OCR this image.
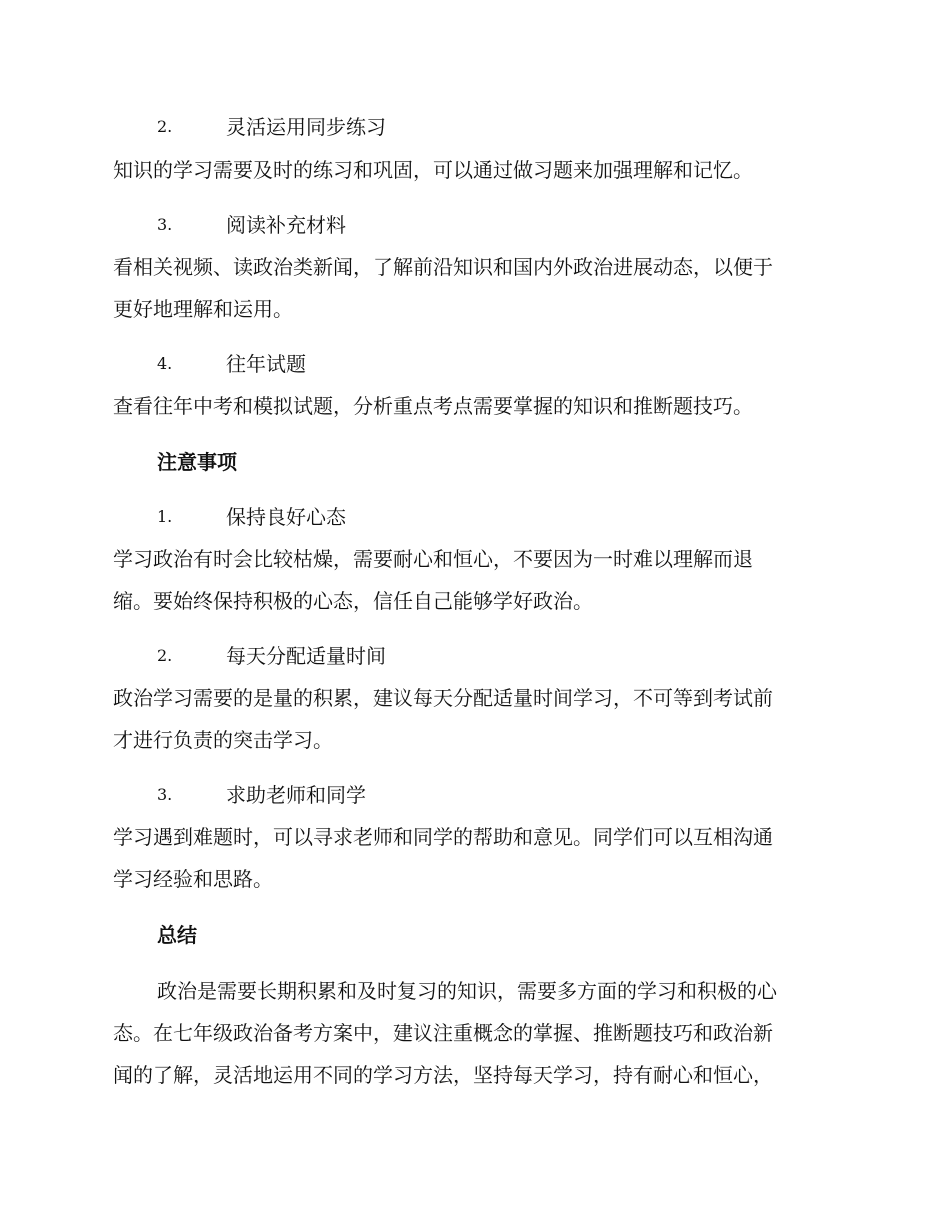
2.	灵活运用同步练习
知识的学习需要及时的练习和巩固，可以通过做习题来加强理解和记忆。
3.	阅读补充材料
看相关视频、读政治类新闻，了解前沿知识和国内外政治进展动态，以便于
更好地理解和运用。
4.	往年试题
查看往年中考和模拟试题，分析重点考点需要掌握的知识和推断题技巧。
注意事项
1.	保持良好心态
学习政治有时会比较枯燥，需要耐心和恒心，不要因为一时难以理解而退
缩。要始终保持积极的心态，信任自己能够学好政治。
2.	每天分配适量时间
政治学习需要的是量的积累，建议每天分配适量时间学习，不可等到考试前
才进行负责的突击学习。
3.	求助老师和同学
学习遇到难题时，可以寻求老师和同学的帮助和意见。同学们可以互相沟通
学习经验和思路。
总结
政治是需要长期积累和及时复习的知识，需要多方面的学习和积极的心
态。在七年级政治备考方案中，建议注重概念的掌握、推断题技巧和政治新
闻的了解，灵活地运用不同的学习方法，坚持每天学习，持有耐心和恒心，
